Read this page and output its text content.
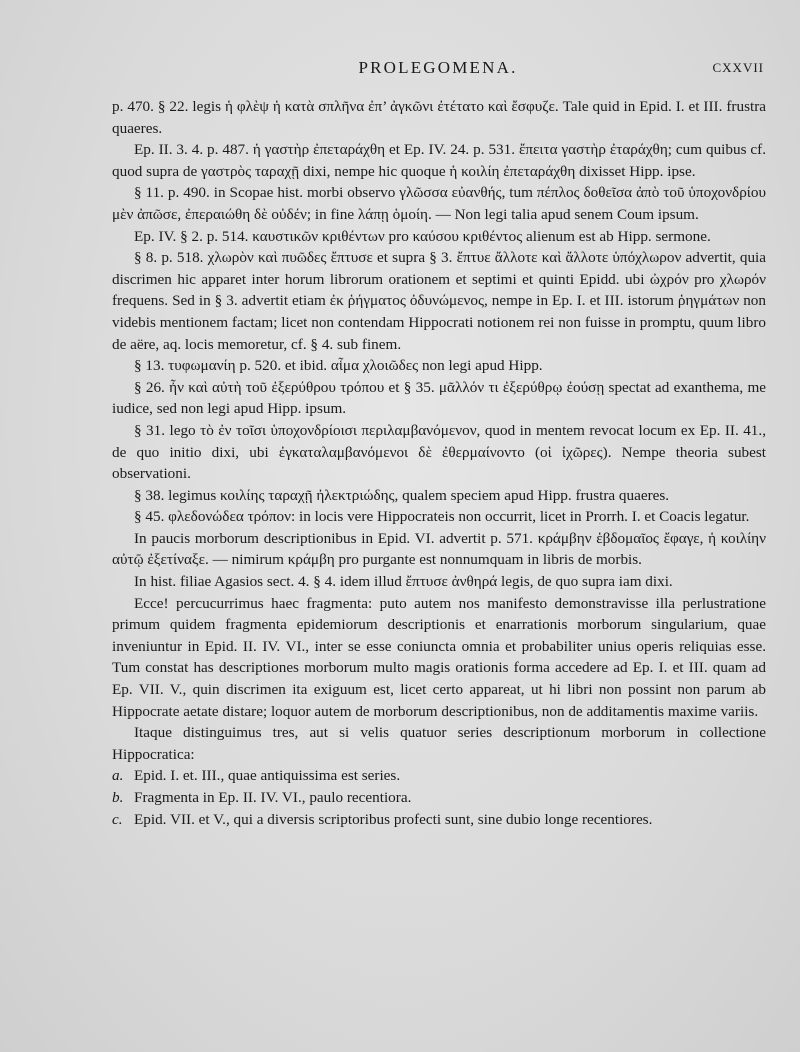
PROLEGOMENA.	CXXVII

p. 470. § 22. legis ἡ φλὲψ ἡ κατὰ σπλῆνα ἐπ’ ἀγκῶνι ἐτέτατο καὶ ἔσφυζε. Tale quid in Epid. I. et III. frustra quaeres.

Ep. II. 3. 4. p. 487. ἡ γαστὴρ ἐπεταράχθη et Ep. IV. 24. p. 531. ἔπειτα γαστὴρ ἐταράχθη; cum quibus cf. quod supra de γαστρὸς ταραχῇ dixi, nempe hic quoque ἡ κοιλίη ἐπεταράχθη dixisset Hipp. ipse.

§ 11. p. 490. in Scopae hist. morbi observo γλῶσσα εὐανθής, tum πέπλος δοθεῖσα ἀπὸ τοῦ ὑποχονδρίου μὲν ἀπῶσε, ἐπεραιώθη δὲ οὐδέν; in fine λάπῃ ὁμοίη. — Non legi talia apud senem Coum ipsum.

Ep. IV. § 2. p. 514. καυστικῶν κριθέντων pro καύσου κριθέντος alienum est ab Hipp. sermone.

§ 8. p. 518. χλωρὸν καὶ πυῶδες ἔπτυσε et supra § 3. ἔπτυε ἄλλοτε καὶ ἄλλοτε ὑπόχλωρον advertit, quia discrimen hic apparet inter horum librorum orationem et septimi et quinti Epidd. ubi ὠχρόν pro χλωρόν frequens. Sed in § 3. advertit etiam ἐκ ῥήγματος ὀδυνώμενος, nempe in Ep. I. et III. istorum ῥηγμάτων non videbis mentionem factam; licet non contendam Hippocrati notionem rei non fuisse in promptu, quum libro de aëre, aq. locis memoretur, cf. § 4. sub finem.

§ 13. τυφωμανίη p. 520. et ibid. αἷμα χλοιῶδες non legi apud Hipp.

§ 26. ἦν καὶ αὐτὴ τοῦ ἐξερύθρου τρόπου et § 35. μᾶλλόν τι ἐξερύθρῳ ἐούσῃ spectat ad exanthema, me iudice, sed non legi apud Hipp. ipsum.

§ 31. lego τὸ ἐν τοῖσι ὑποχονδρίοισι περιλαμβανόμενον, quod in mentem revocat locum ex Ep. II. 41., de quo initio dixi, ubi ἐγκαταλαμβανόμενοι δὲ ἐθερμαίνοντο (οἱ ἰχῶρες). Nempe theoria subest observationi.

§ 38. legimus κοιλίης ταραχῇ ἠλεκτριώδης, qualem speciem apud Hipp. frustra quaeres.

§ 45. φλεδονώδεα τρόπον: in locis vere Hippocrateis non occurrit, licet in Prorrh. I. et Coacis legatur.

In paucis morborum descriptionibus in Epid. VI. advertit p. 571. κράμβην ἑβδομαῖος ἔφαγε, ἡ κοιλίην αὐτῷ ἐξετίναξε. — nimirum κράμβη pro purgante est nonnumquam in libris de morbis.

In hist. filiae Agasios sect. 4. § 4. idem illud ἔπτυσε ἀνθηρά legis, de quo supra iam dixi.

Ecce! percucurrimus haec fragmenta: puto autem nos manifesto demonstravisse illa perlustratione primum quidem fragmenta epidemiorum descriptionis et enarrationis morborum singularium, quae inveniuntur in Epid. II. IV. VI., inter se esse coniuncta omnia et probabiliter unius operis reliquias esse. Tum constat has descriptiones morborum multo magis orationis forma accedere ad Ep. I. et III. quam ad Ep. VII. V., quin discrimen ita exiguum est, licet certo appareat, ut hi libri non possint non parum ab Hippocrate aetate distare; loquor autem de morborum descriptionibus, non de additamentis maxime variis.

Itaque distinguimus tres, aut si velis quatuor series descriptionum morborum in collectione Hippocratica:

a. Epid. I. et. III., quae antiquissima est series.
b. Fragmenta in Ep. II. IV. VI., paulo recentiora.
c. Epid. VII. et V., qui a diversis scriptoribus profecti sunt, sine dubio longe recentiores.
